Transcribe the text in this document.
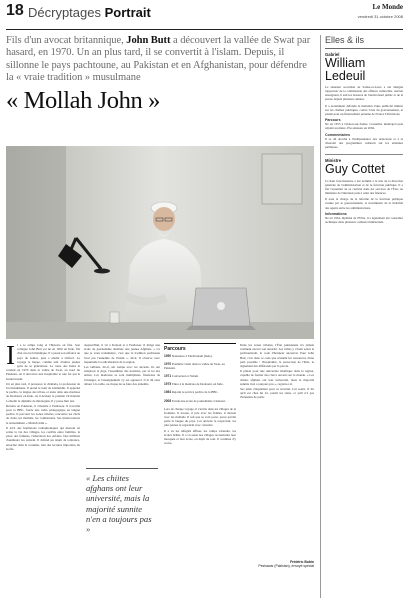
18 Décryptages Portrait	Le Monde
vendredi 31 octobre 2008
Fils d'un avocat britannique, John Butt a découvert la vallée de Swat par hasard, en 1970. Un an plus tard, il se convertit à l'islam. Depuis, il sillonne le pays pachtoune, au Pakistan et en Afghanistan, pour défendre la « vraie tradition » musulmane
« Mollah John »
I l a le temps long et l'histoire en fête. Son collègue John Butt est né en 1950 en Inde, fils d'un avocat britannique. Il a passé son enfance au pays de Galles, puis a étudié à Oxford. Le voyage le happe, comme tant d'autres jeunes gens de sa génération. La route des Indes le conduit en 1970 dans la vallée de Swat, au nord du Pakistan, où il découvre une hospitalité et une foi qui le bouleversent.

Un an plus tard, il prononce la chahada, la profession de foi musulmane. Il prend le nom de Jalaluddin. Il apprend le pachto, la langue des tribus, et entre dans une madrasa de Deoband, en Inde, où il devient le premier Occidental à obtenir le diplôme de théologien. Il y passe huit ans.

Revenu au Pakistan, il s'installe à Peshawar. Il travaille pour la BBC, fonde une radio pédagogique en langue pachto. Il parcourt les zones tribales, rencontre les chefs de clans, les mollahs, les combattants. Ses interlocuteurs le surnomment « Mollah John ».

Il écrit des feuilletons radiophoniques qui mettent en scène la vie des villages, les conflits entre familles, la place des femmes, l'éducation des enfants. Des millions d'auditeurs les suivent. Il défend un islam de tolérance, enraciné dans la coutume, loin des lectures importées du Golfe.

Aujourd'hui, il vit à Kaboul et à Peshawar. Il dirige une école de journalisme destinée aux jeunes Afghans. « Ce que je veux transmettre, c'est que la tradition pachtoune n'est pas l'ennemie de l'islam », dit-il. Il observe avec inquiétude la radicalisation de la région.

Les talibans, dit-il, ont rompu avec les anciens. Ils ont remplacé la jirga, l'assemblée des notables, par la loi des armes. Les madrasas se sont multipliées, financées de l'étranger, et l'enseignement s'y est appauvri. Il le dit sans détour à la radio, au risque de se faire des ennemis.

« Les chiites afghans ont leur université, mais la majorité sunnite n'en a toujours pas »
Parcours
1950 Naissance à Tindivanam (Inde).
1970 Première visite dans la vallée de Swat, au Pakistan.
1971 Conversion à l'islam.
1975 Entre à la madrasa de Deoband, en Inde.
1984 Rejoint le service pachto de la BBC.
2008 Fonde une école de journalisme à Kaboul.

Lors de chaque voyage, il s'arrête dans les villages de la frontière. Il écoute, il prie avec les fidèles, il discute avec les mollahs. Il sait que sa voix porte, parce qu'elle parle la langue du pays. Les anciens le respectent, les plus jeunes le regardent avec curiosité.

Il a vu les réfugiés affluer, les camps s'étendre, les écoles brûler. Il a vu aussi des villages reconstruire leur mosquée et leur école, en dépit de tout. Il continue d'y croire.

Dans les zones tribales, l'État pakistanais n'a jamais vraiment exercé son autorité. Les tribus y vivent selon le pachtounwali, le code d'honneur ancestral. Pour John Butt, c'est dans ce code que résident les ressources d'une paix possible : l'hospitalité, la protection de l'hôte, le règlement des différends par la parole.

Il plaide pour une université islamique dans la région, capable de former des clercs ouverts sur le monde. « Les chiites afghans ont leur université, mais la majorité sunnite n'en a toujours pas », regrette-t-il.

Ses amis s'inquiètent pour sa sécurité. Lui sourit. Il dit qu'il est chez lui ici, parmi les siens, et qu'il n'a pas l'intention de partir.

Frédéric Bobin
Peshawar (Pakistan), envoyé spécial
Elles & ils
Gabriel
William Ledeuil

Le sénateur socialiste de Saône-et-Loire a été désigné rapporteur de la commission des affaires culturelles. Ancien enseignant, il suit les dossiers de l'audiovisuel public et de la presse depuis plusieurs années.

Il a notamment défendu le maintien d'une publicité limitée sur les chaînes publiques, contre l'avis du gouvernement, et plaidé pour un financement pérenne de France Télévisions.

Parcours

Né en 1955 à Chalon-sur-Saône. Conseiller municipal puis adjoint au maire. Élu sénateur en 2004.

Commentaires

Il se dit attaché à l'indépendance des rédactions et à la diversité des programmes culturels sur les antennes publiques.

Ministre
Guy Cottet

Ce haut fonctionnaire a été nommé à la tête de la direction générale de l'administration et de la fonction publique. Il a fait l'essentiel de sa carrière dans les services de l'État, au ministère de l'intérieur puis à celui des finances.

Il aura la charge de la réforme de la fonction publique voulue par le gouvernement, et notamment de la mobilité des agents entre les administrations.

Informations

Né en 1954, diplômé de l'ENA, il a également été conseiller technique dans plusieurs cabinets ministériels.
